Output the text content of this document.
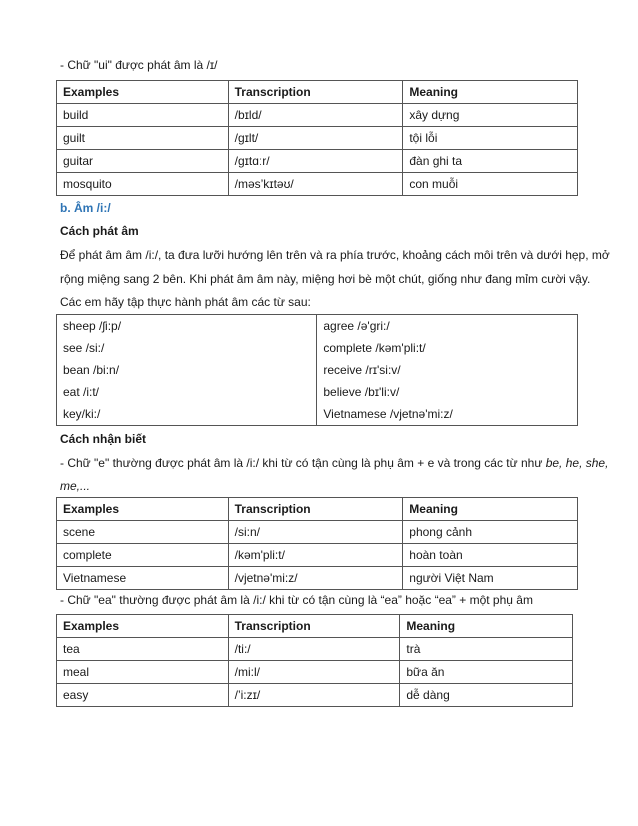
- Chữ "ui" được phát âm là /ɪ/
Examples	Transcription	Meaning
build	/bɪld/	xây dựng
guilt	/gɪlt/	tội lỗi
guitar	/gɪtɑːr/	đàn ghi ta
mosquito	/məs’kɪtəʊ/	con muỗi
b. Âm /i:/
Cách phát âm
Để phát âm âm /i:/, ta đưa lưỡi hướng lên trên và ra phía trước, khoảng cách môi trên và dưới hẹp, mở
rộng miệng sang 2 bên. Khi phát âm âm này, miệng hơi bè một chút, giống như đang mỉm cười vậy.
Các em hãy tập thực hành phát âm các từ sau:
sheep /ʃi:p/	agree /ə'gri:/
see /si:/	complete /kəm'pli:t/
bean /bi:n/	receive /rɪ'si:v/
eat /i:t/	believe /bɪ'li:v/
key/ki:/	Vietnamese /vjetnə'mi:z/
Cách nhận biết
- Chữ "e" thường được phát âm là /i:/ khi từ có tận cùng là phụ âm + e và trong các từ như be, he, she,
me,...
Examples	Transcription	Meaning
scene	/si:n/	phong cảnh
complete	/kəm'pli:t/	hoàn toàn
Vietnamese	/vjetnə'mi:z/	người Việt Nam
- Chữ "ea" thường được phát âm là /i:/ khi từ có tận cùng là “ea” hoặc “ea” + một phụ âm
Examples	Transcription	Meaning
tea	/ti:/	trà
meal	/mi:l/	bữa ăn
easy	/’i:zɪ/	dễ dàng
